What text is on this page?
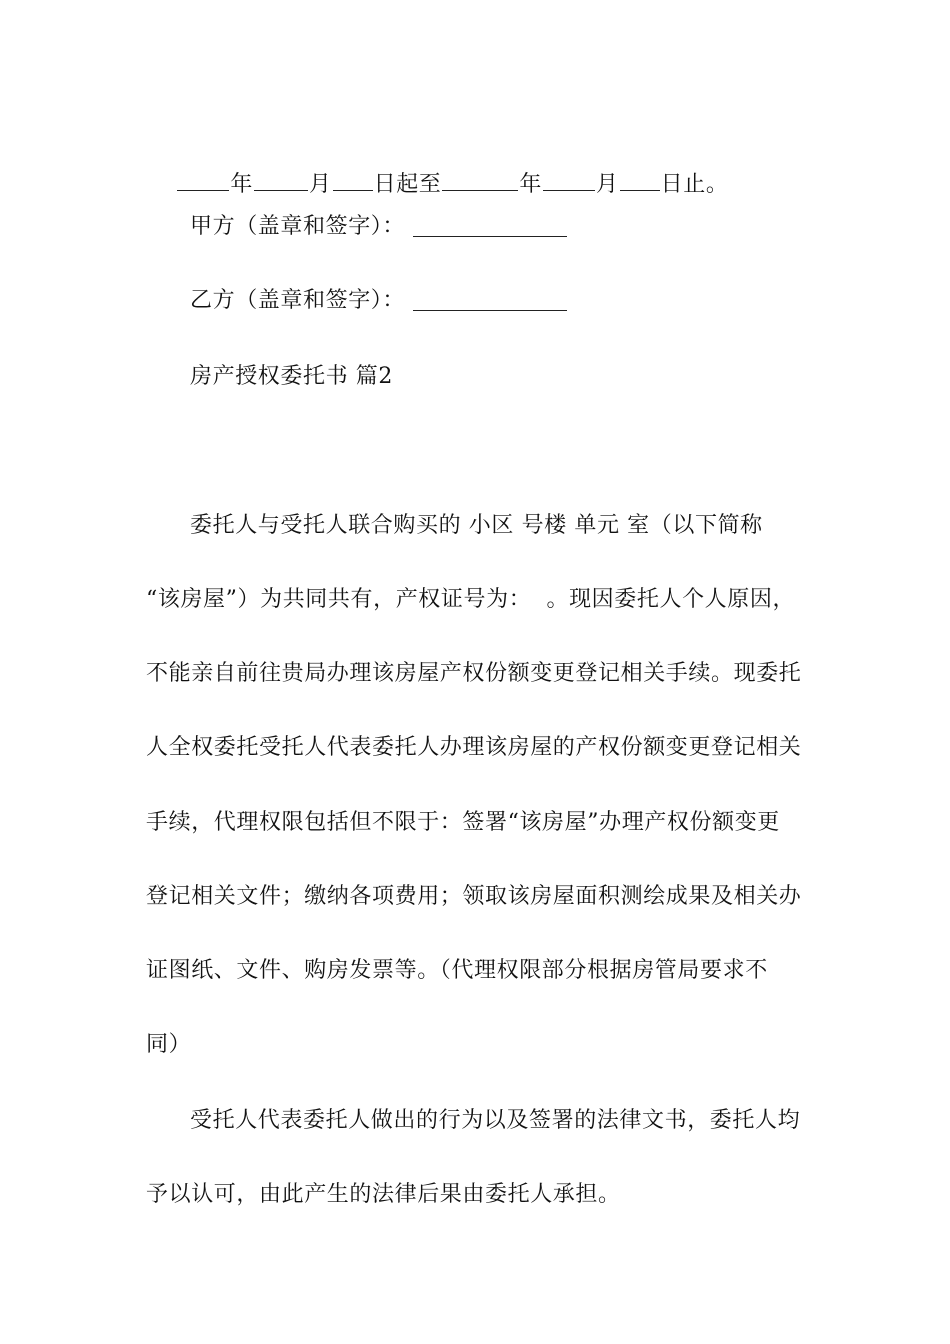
年	月 日起至	年 月 日止。

甲方（盖章和签字）：
乙方（盖章和签字）：
房产授权委托书 篇2
委托人与受托人联合购买的 小区 号楼 单元 室（以下简称
“该房屋”）为共同共有，产权证号为：  。现因委托人个人原因，
不能亲自前往贵局办理该房屋产权份额变更登记相关手续。现委托
人全权委托受托人代表委托人办理该房屋的产权份额变更登记相关
手续，代理权限包括但不限于：签署“该房屋”办理产权份额变更
登记相关文件；缴纳各项费用；领取该房屋面积测绘成果及相关办
证图纸、文件、购房发票等。（代理权限部分根据房管局要求不
同）
受托人代表委托人做出的行为以及签署的法律文书，委托人均
予以认可，由此产生的法律后果由委托人承担。
